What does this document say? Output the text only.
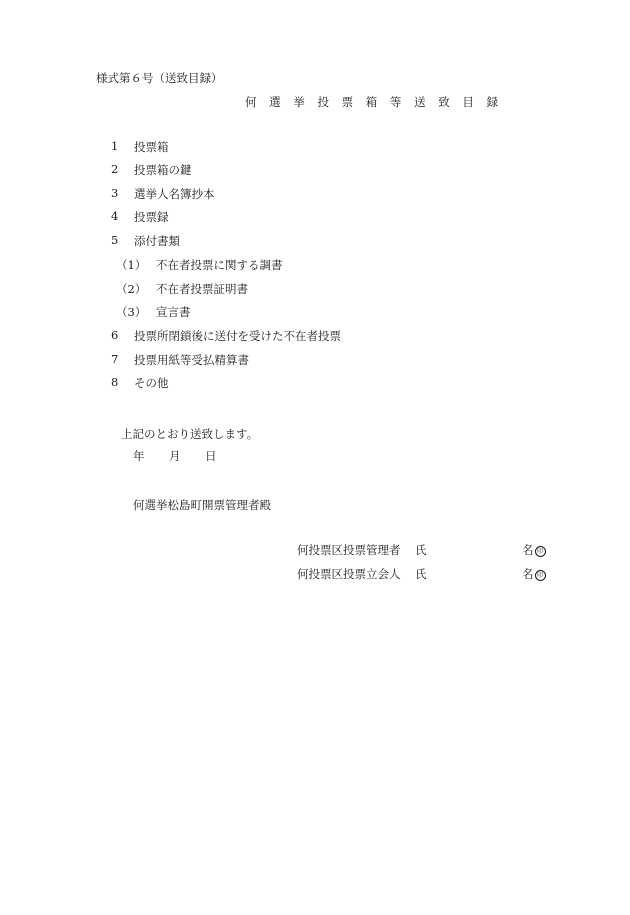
様式第６号（送致目録）
何 選 挙 投 票 箱 等 送 致 目 録
1 投票箱
2 投票箱の鍵
3 選挙人名簿抄本
4 投票録
5 添付書類
（1） 不在者投票に関する調書
（2） 不在者投票証明書
（3） 宣言書
6 投票所閉鎖後に送付を受けた不在者投票
7 投票用紙等受払精算書
8 その他
上記のとおり送致します。
年 月 日
何選挙松島町開票管理者殿
何投票区投票管理者 氏	名 印
何投票区投票立会人 氏	名 印
